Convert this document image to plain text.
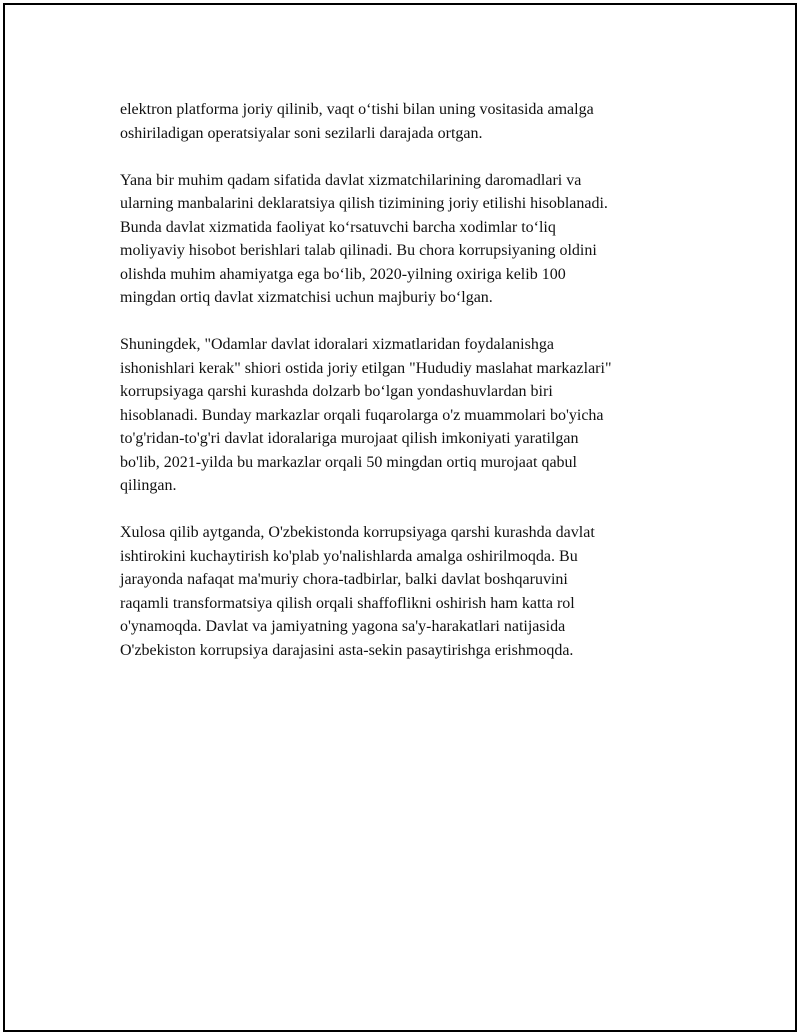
elektron platforma joriy qilinib, vaqt o‘tishi bilan uning vositasida amalga
oshiriladigan operatsiyalar soni sezilarli darajada ortgan.

Yana bir muhim qadam sifatida davlat xizmatchilarining daromadlari va
ularning manbalarini deklaratsiya qilish tizimining joriy etilishi hisoblanadi.
Bunda davlat xizmatida faoliyat ko‘rsatuvchi barcha xodimlar to‘liq
moliyaviy hisobot berishlari talab qilinadi. Bu chora korrupsiyaning oldini
olishda muhim ahamiyatga ega bo‘lib, 2020-yilning oxiriga kelib 100
mingdan ortiq davlat xizmatchisi uchun majburiy bo‘lgan.

Shuningdek, "Odamlar davlat idoralari xizmatlaridan foydalanishga
ishonishlari kerak" shiori ostida joriy etilgan "Hududiy maslahat markazlari"
korrupsiyaga qarshi kurashda dolzarb bo‘lgan yondashuvlardan biri
hisoblanadi. Bunday markazlar orqali fuqarolarga o'z muammolari bo'yicha
to'g'ridan-to'g'ri davlat idoralariga murojaat qilish imkoniyati yaratilgan
bo'lib, 2021-yilda bu markazlar orqali 50 mingdan ortiq murojaat qabul
qilingan.

Xulosa qilib aytganda, O'zbekistonda korrupsiyaga qarshi kurashda davlat
ishtirokini kuchaytirish ko'plab yo'nalishlarda amalga oshirilmoqda. Bu
jarayonda nafaqat ma'muriy chora-tadbirlar, balki davlat boshqaruvini
raqamli transformatsiya qilish orqali shaffoflikni oshirish ham katta rol
o'ynamoqda. Davlat va jamiyatning yagona sa'y-harakatlari natijasida
O'zbekiston korrupsiya darajasini asta-sekin pasaytirishga erishmoqda.
